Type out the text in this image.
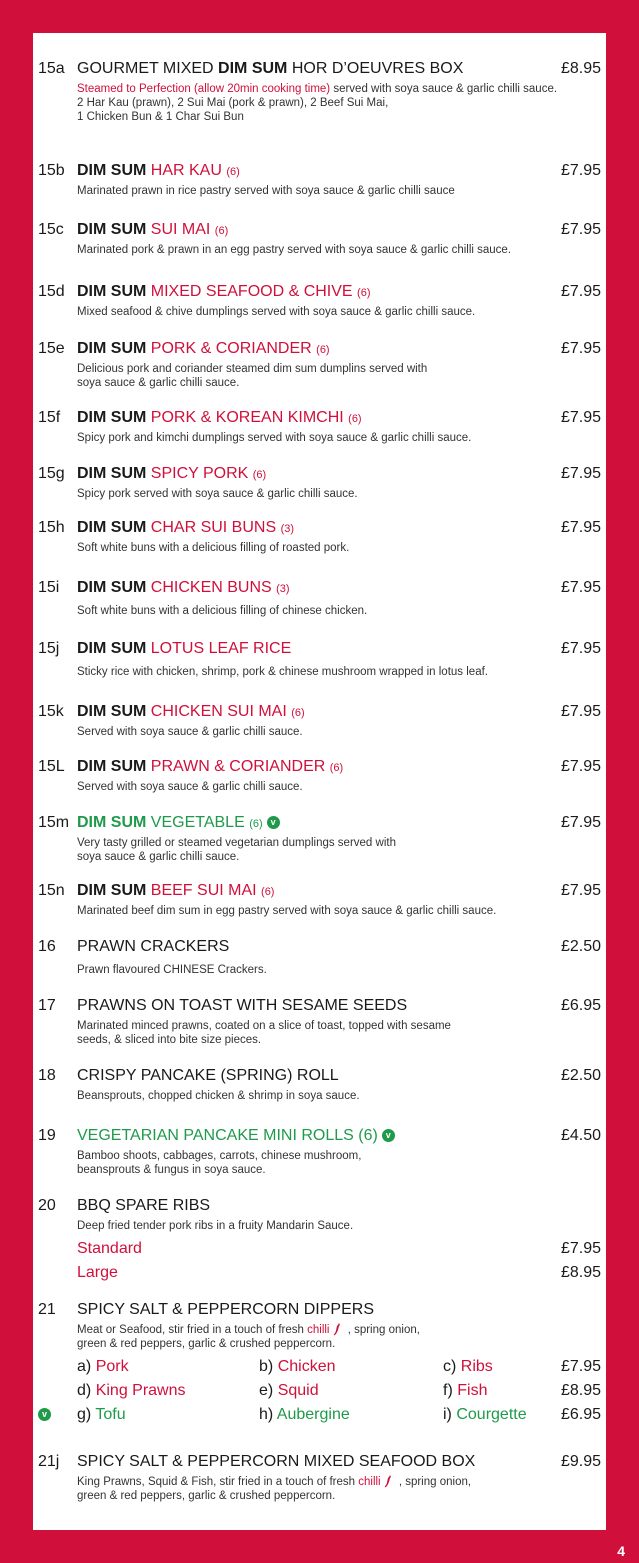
15a GOURMET MIXED DIM SUM HOR D’OEUVRES BOX	£8.95
Steamed to Perfection (allow 20min cooking time) served with soya sauce & garlic chilli sauce.
2 Har Kau (prawn), 2 Sui Mai (pork & prawn), 2 Beef Sui Mai,
1 Chicken Bun & 1 Char Sui Bun
15b DIM SUM HAR KAU (6)	£7.95
Marinated prawn in rice pastry served with soya sauce & garlic chilli sauce
15c DIM SUM SUI MAI (6)	£7.95
Marinated pork & prawn in an egg pastry served with soya sauce & garlic chilli sauce.
15d DIM SUM MIXED SEAFOOD & CHIVE (6)	£7.95
Mixed seafood & chive dumplings served with soya sauce & garlic chilli sauce.
15e DIM SUM PORK & CORIANDER (6)	£7.95
Delicious pork and coriander steamed dim sum dumplins served with
soya sauce & garlic chilli sauce.
15f DIM SUM PORK & KOREAN KIMCHI (6)	£7.95
Spicy pork and kimchi dumplings served with soya sauce & garlic chilli sauce.
15g DIM SUM SPICY PORK (6)	£7.95
Spicy pork served with soya sauce & garlic chilli sauce.
15h DIM SUM CHAR SUI BUNS (3)	£7.95
Soft white buns with a delicious filling of roasted pork.
15i DIM SUM CHICKEN BUNS (3)	£7.95
Soft white buns with a delicious filling of chinese chicken.
15j DIM SUM LOTUS LEAF RICE	£7.95
Sticky rice with chicken, shrimp, pork & chinese mushroom wrapped in lotus leaf.
15k DIM SUM CHICKEN SUI MAI (6)	£7.95
Served with soya sauce & garlic chilli sauce.
15L DIM SUM PRAWN & CORIANDER (6)	£7.95
Served with soya sauce & garlic chilli sauce.
15m DIM SUM VEGETABLE (6) v	£7.95
Very tasty grilled or steamed vegetarian dumplings served with
soya sauce & garlic chilli sauce.
15n DIM SUM BEEF SUI MAI (6)	£7.95
Marinated beef dim sum in egg pastry served with soya sauce & garlic chilli sauce.
16 PRAWN CRACKERS	£2.50
Prawn flavoured CHINESE Crackers.
17 PRAWNS ON TOAST WITH SESAME SEEDS	£6.95
Marinated minced prawns, coated on a slice of toast, topped with sesame
seeds, & sliced into bite size pieces.
18 CRISPY PANCAKE (SPRING) ROLL	£2.50
Beansprouts, chopped chicken & shrimp in soya sauce.
19 VEGETARIAN PANCAKE MINI ROLLS (6) v	£4.50
Bamboo shoots, cabbages, carrots, chinese mushroom,
beansprouts & fungus in soya sauce.
20 BBQ SPARE RIBS
Deep fried tender pork ribs in a fruity Mandarin Sauce.
Standard	£7.95
Large	£8.95
21 SPICY SALT & PEPPERCORN DIPPERS
Meat or Seafood, stir fried in a touch of fresh chilli , spring onion,
green & red peppers, garlic & crushed peppercorn.
a) Pork	b) Chicken	c) Ribs	£7.95
d) King Prawns	e) Squid	f) Fish	£8.95
v g) Tofu	h) Aubergine	i) Courgette £6.95
21j SPICY SALT & PEPPERCORN MIXED SEAFOOD BOX	£9.95
King Prawns, Squid & Fish, stir fried in a touch of fresh chilli , spring onion,
green & red peppers, garlic & crushed peppercorn.
4
